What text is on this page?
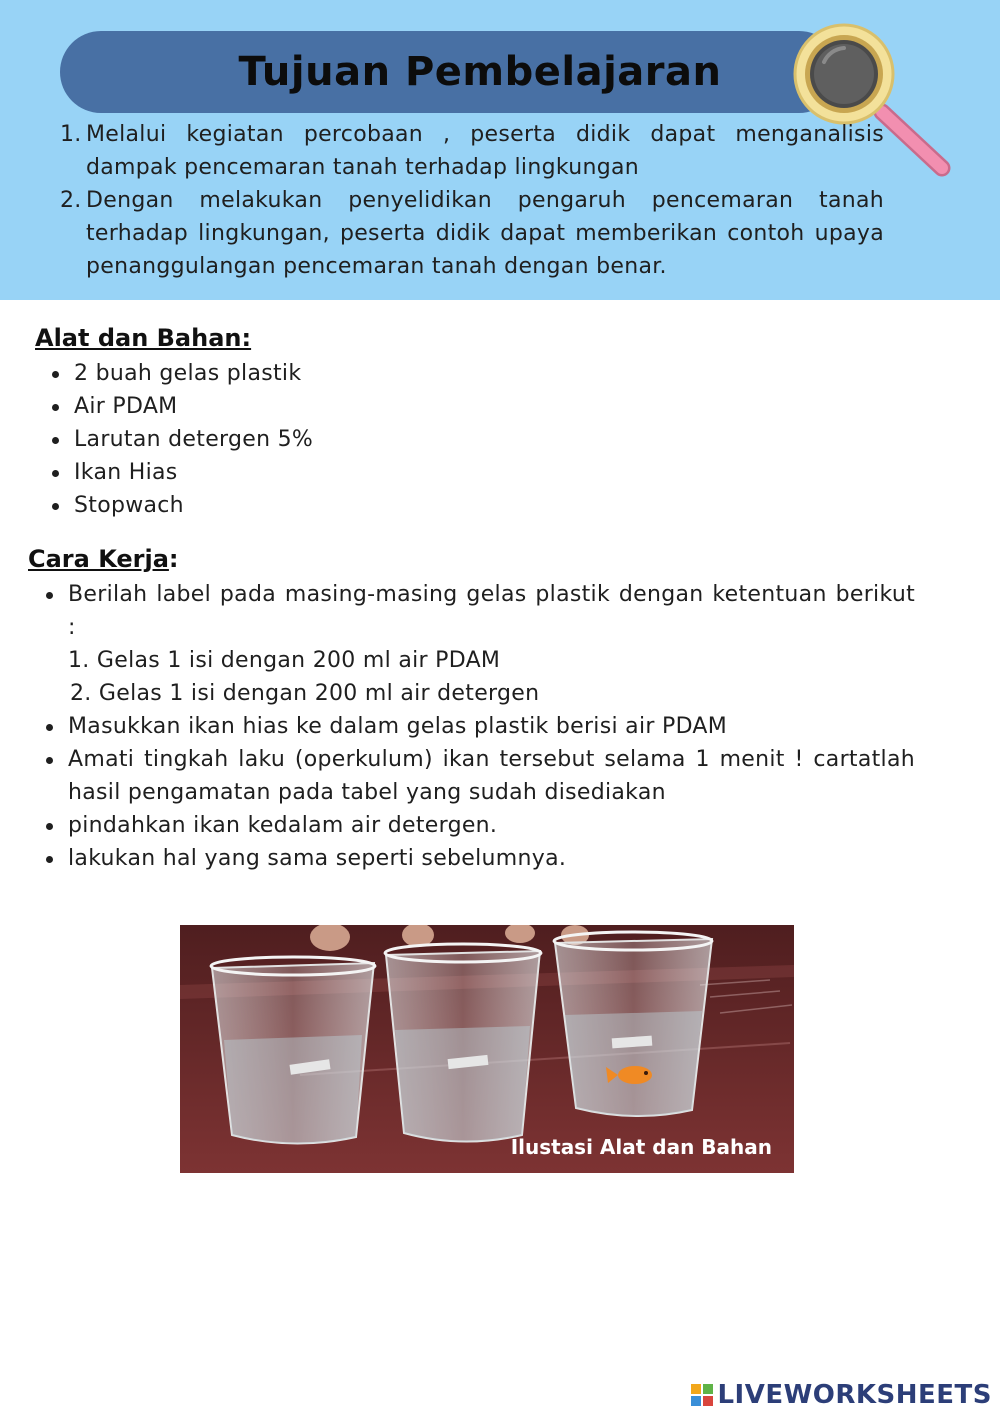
Tujuan Pembelajaran
1. Melalui kegiatan percobaan , peserta didik dapat menganalisis dampak pencemaran tanah terhadap lingkungan
2. Dengan melakukan penyelidikan pengaruh pencemaran tanah terhadap lingkungan, peserta didik dapat memberikan contoh upaya penanggulangan pencemaran tanah dengan benar.
Alat dan Bahan:
2 buah gelas plastik
Air PDAM
Larutan detergen 5%
Ikan Hias
Stopwach
Cara Kerja:
Berilah label pada masing-masing gelas plastik dengan ketentuan berikut :
1. Gelas 1 isi dengan 200 ml air PDAM
2. Gelas 1 isi dengan 200 ml air detergen
Masukkan ikan hias ke dalam gelas plastik berisi air PDAM
Amati tingkah laku (operkulum) ikan tersebut selama 1 menit ! cartatlah hasil pengamatan pada tabel yang sudah disediakan
pindahkan ikan kedalam air detergen.
lakukan hal yang sama seperti sebelumnya.
Ilustasi Alat dan Bahan
LIVEWORKSHEETS
